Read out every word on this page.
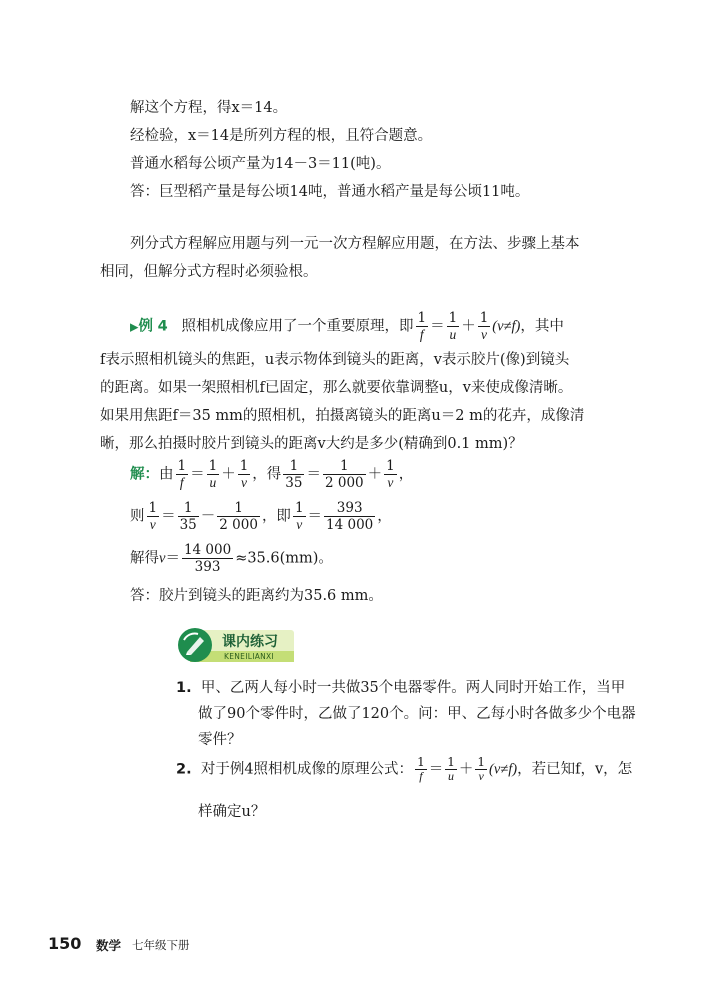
解这个方程，得x＝14。
经检验，x＝14是所列方程的根，且符合题意。
普通水稻每公顷产量为14－3＝11(吨)。
答：巨型稻产量是每公顷14吨，普通水稻产量是每公顷11吨。
列分式方程解应用题与列一元一次方程解应用题，在方法、步骤上基本
相同，但解分式方程时必须验根。
▶例 4 照相机成像应用了一个重要原理，即 $\frac{1}{f} = \frac{1}{u} + \frac{1}{v} (v\ne f)$，其中
f表示照相机镜头的焦距，u表示物体到镜头的距离，v表示胶片(像)到镜头
的距离。如果一架照相机f已固定，那么就要依靠调整u，v来使成像清晰。
如果用焦距f＝35 mm的照相机，拍摄离镜头的距离u＝2 m的花卉，成像清
晰，那么拍摄时胶片到镜头的距离v大约是多少(精确到0.1 mm)？
解：由 $\frac{1}{f} = \frac{1}{u} + \frac{1}{v}$ ，得 $\frac{1}{35} = \frac{1}{2 000} + \frac{1}{v}$ ，
则 $\frac{1}{v} = \frac{1}{35} - \frac{1}{2 000}$ ，即 $\frac{1}{v} = \frac{393}{14 000}$ ，
解得$v= \frac{14 000}{393} \approx 35.6(mm)$。
答：胶片到镜头的距离约为35.6 mm。
课内练习
KENEILIANXI
1. 甲、乙两人每小时一共做35个电器零件。两人同时开始工作，当甲
做了90个零件时，乙做了120个。问：甲、乙每小时各做多少个电器
零件？
2. 对于例4照相机成像的原理公式： $\frac{1}{f} = \frac{1}{u} + \frac{1}{v} (v\ne f)$，若已知f，v，怎
样确定u？
150 数学 七年级下册
